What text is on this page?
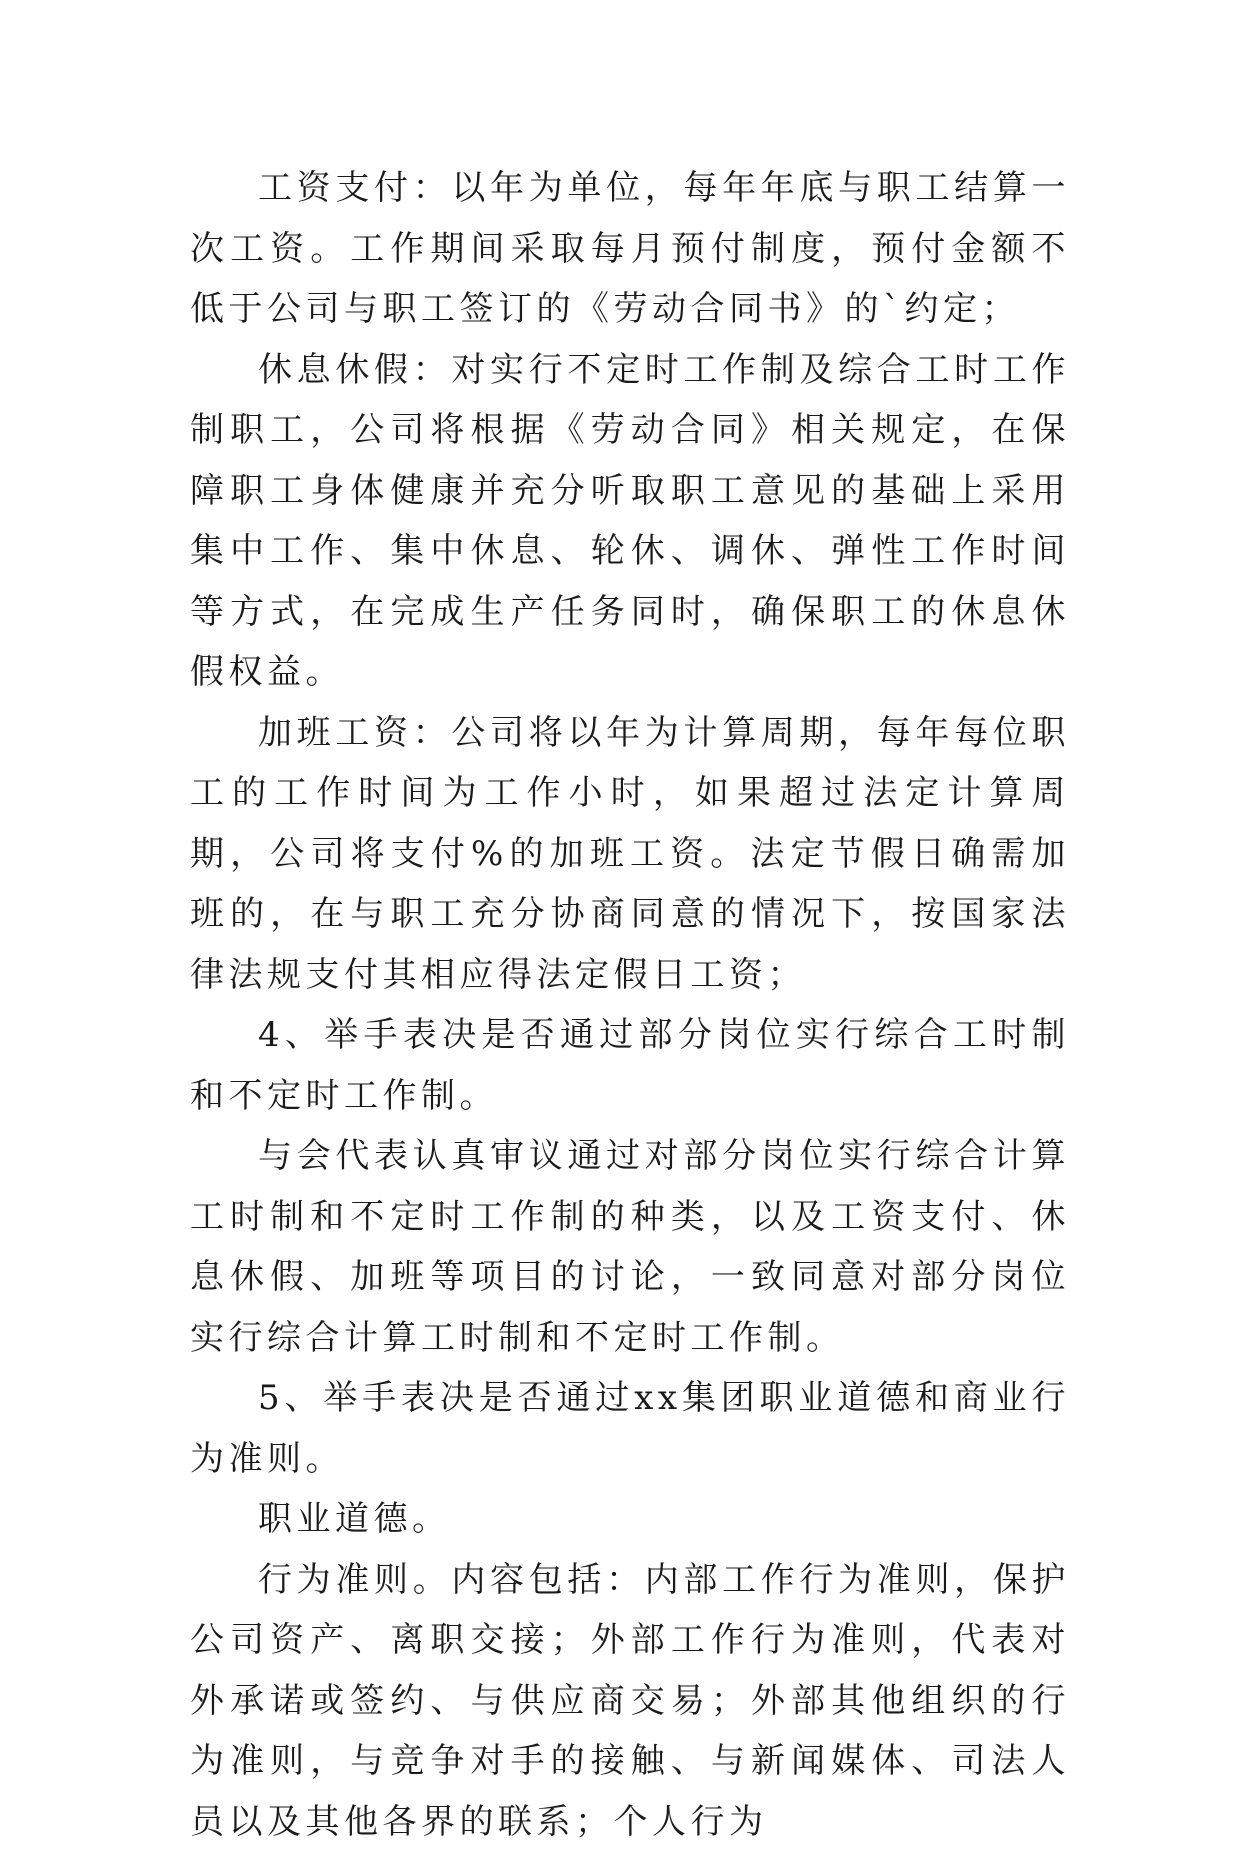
工资支付：以年为单位，每年年底与职工结算一次工资。工作期间采取每月预付制度，预付金额不低于公司与职工签订的《劳动合同书》的`约定；

休息休假：对实行不定时工作制及综合工时工作制职工，公司将根据《劳动合同》相关规定，在保障职工身体健康并充分听取职工意见的基础上采用集中工作、集中休息、轮休、调休、弹性工作时间等方式，在完成生产任务同时，确保职工的休息休假权益。

加班工资：公司将以年为计算周期，每年每位职工的工作时间为工作小时，如果超过法定计算周期，公司将支付%的加班工资。法定节假日确需加班的，在与职工充分协商同意的情况下，按国家法律法规支付其相应得法定假日工资；

4、举手表决是否通过部分岗位实行综合工时制和不定时工作制。

与会代表认真审议通过对部分岗位实行综合计算工时制和不定时工作制的种类，以及工资支付、休息休假、加班等项目的讨论，一致同意对部分岗位实行综合计算工时制和不定时工作制。

5、举手表决是否通过xx集团职业道德和商业行为准则。

职业道德。

行为准则。内容包括：内部工作行为准则，保护公司资产、离职交接；外部工作行为准则，代表对外承诺或签约、与供应商交易；外部其他组织的行为准则，与竞争对手的接触、与新闻媒体、司法人员以及其他各界的联系；个人行为
